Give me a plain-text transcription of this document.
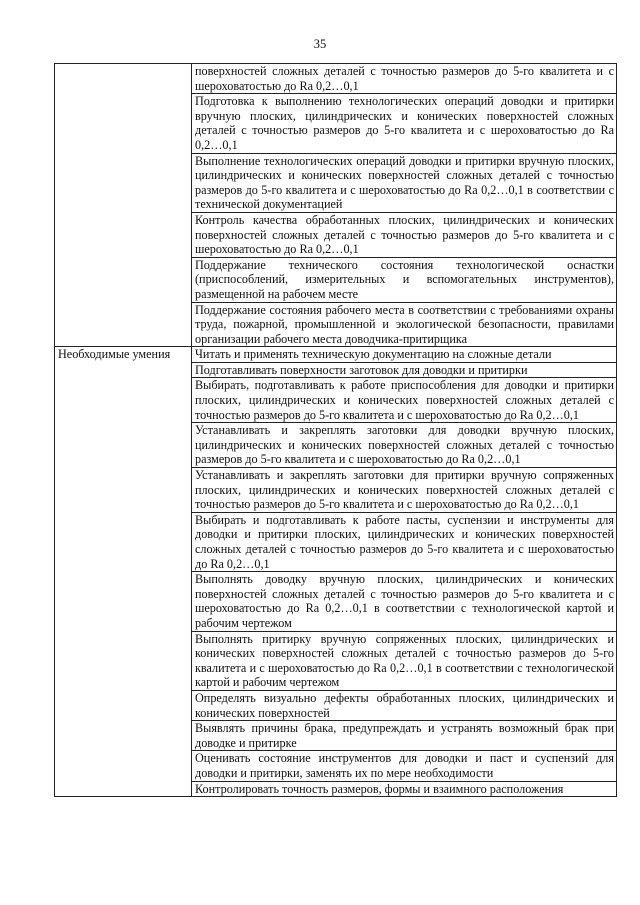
35
	поверхностей сложных деталей с точностью размеров до 5-го квалитета и с шероховатостью до Ra 0,2…0,1
	Подготовка к выполнению технологических операций доводки и притирки вручную плоских, цилиндрических и конических поверхностей сложных деталей с точностью размеров до 5-го квалитета и с шероховатостью до Ra 0,2…0,1
	Выполнение технологических операций доводки и притирки вручную плоских, цилиндрических и конических поверхностей сложных деталей с точностью размеров до 5-го квалитета и с шероховатостью до Ra 0,2…0,1 в соответствии с технической документацией
	Контроль качества обработанных плоских, цилиндрических и конических поверхностей сложных деталей с точностью размеров до 5-го квалитета и с шероховатостью до Ra 0,2…0,1
	Поддержание технического состояния технологической оснастки (приспособлений, измерительных и вспомогательных инструментов), размещенной на рабочем месте
	Поддержание состояния рабочего места в соответствии с требованиями охраны труда, пожарной, промышленной и экологической безопасности, правилами организации рабочего места доводчика-притирщика
Необходимые умения	Читать и применять техническую документацию на сложные детали
	Подготавливать поверхности заготовок для доводки и притирки
	Выбирать, подготавливать к работе приспособления для доводки и притирки плоских, цилиндрических и конических поверхностей сложных деталей с точностью размеров до 5-го квалитета и с шероховатостью до Ra 0,2…0,1
	Устанавливать и закреплять заготовки для доводки вручную плоских, цилиндрических и конических поверхностей сложных деталей с точностью размеров до 5-го квалитета и с шероховатостью до Ra 0,2…0,1
	Устанавливать и закреплять заготовки для притирки вручную сопряженных плоских, цилиндрических и конических поверхностей сложных деталей с точностью размеров до 5-го квалитета и с шероховатостью до Ra 0,2…0,1
	Выбирать и подготавливать к работе пасты, суспензии и инструменты для доводки и притирки плоских, цилиндрических и конических поверхностей сложных деталей с точностью размеров до 5-го квалитета и с шероховатостью до Ra 0,2…0,1
	Выполнять доводку вручную плоских, цилиндрических и конических поверхностей сложных деталей с точностью размеров до 5-го квалитета и с шероховатостью до Ra 0,2…0,1 в соответствии с технологической картой и рабочим чертежом
	Выполнять притирку вручную сопряженных плоских, цилиндрических и конических поверхностей сложных деталей с точностью размеров до 5-го квалитета и с шероховатостью до Ra 0,2…0,1 в соответствии с технологической картой и рабочим чертежом
	Определять визуально дефекты обработанных плоских, цилиндрических и конических поверхностей
	Выявлять причины брака, предупреждать и устранять возможный брак при доводке и притирке
	Оценивать состояние инструментов для доводки и паст и суспензий для доводки и притирки, заменять их по мере необходимости

	Контролировать точность размеров, формы и взаимного расположения
